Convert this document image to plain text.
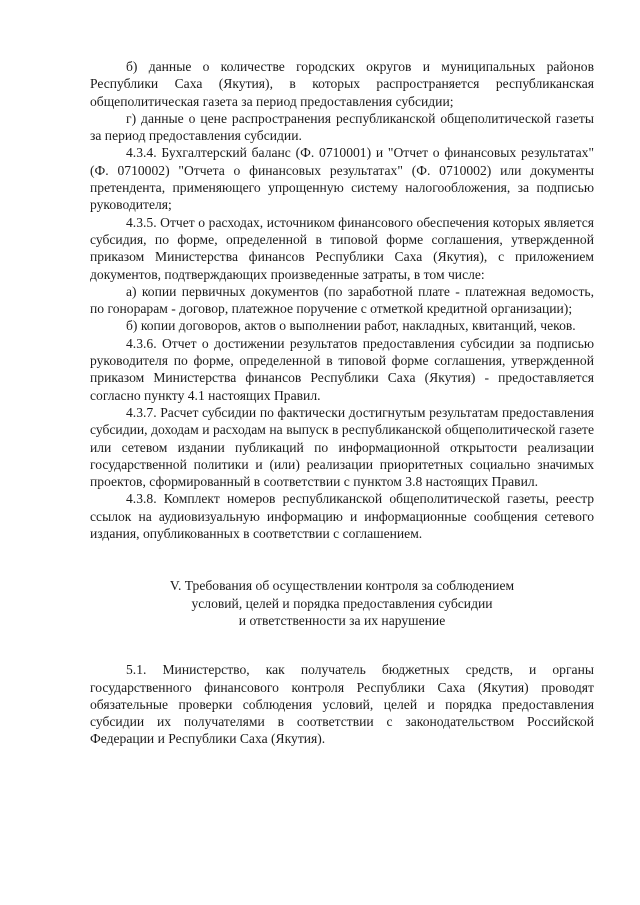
б) данные о количестве городских округов и муниципальных районов Республики Саха (Якутия), в которых распространяется республиканская общеполитическая газета за период предоставления субсидии;

г) данные о цене распространения республиканской общеполитической газеты за период предоставления субсидии.

4.3.4. Бухгалтерский баланс (Ф. 0710001) и "Отчет о финансовых результатах" (Ф. 0710002) "Отчета о финансовых результатах" (Ф. 0710002) или документы претендента, применяющего упрощенную систему налогообложения, за подписью руководителя;

4.3.5. Отчет о расходах, источником финансового обеспечения которых является субсидия, по форме, определенной в типовой форме соглашения, утвержденной приказом Министерства финансов Республики Саха (Якутия), с приложением документов, подтверждающих произведенные затраты, в том числе:

а) копии первичных документов (по заработной плате - платежная ведомость, по гонорарам - договор, платежное поручение с отметкой кредитной организации);

б) копии договоров, актов о выполнении работ, накладных, квитанций, чеков.

4.3.6. Отчет о достижении результатов предоставления субсидии за подписью руководителя по форме, определенной в типовой форме соглашения, утвержденной приказом Министерства финансов Республики Саха (Якутия) - предоставляется согласно пункту 4.1 настоящих Правил.

4.3.7. Расчет субсидии по фактически достигнутым результатам предоставления субсидии, доходам и расходам на выпуск в республиканской общеполитической газете или сетевом издании публикаций по информационной открытости реализации государственной политики и (или) реализации приоритетных социально значимых проектов, сформированный в соответствии с пунктом 3.8 настоящих Правил.

4.3.8. Комплект номеров республиканской общеполитической газеты, реестр ссылок на аудиовизуальную информацию и информационные сообщения сетевого издания, опубликованных в соответствии с соглашением.

V. Требования об осуществлении контроля за соблюдением

условий, целей и порядка предоставления субсидии

и ответственности за их нарушение

5.1. Министерство, как получатель бюджетных средств, и органы государственного финансового контроля Республики Саха (Якутия) проводят обязательные проверки соблюдения условий, целей и порядка предоставления субсидии их получателями в соответствии с законодательством Российской Федерации и Республики Саха (Якутия).
